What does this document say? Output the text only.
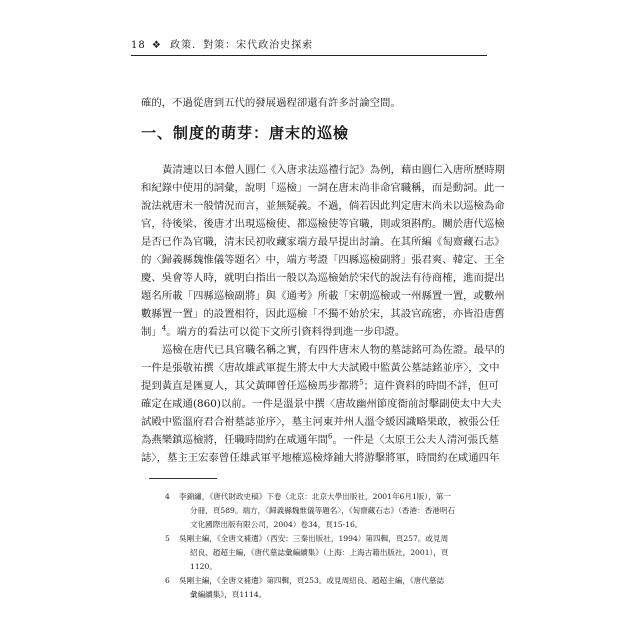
18 ❖ 政策．對策：宋代政治史探索
確的，不過從唐到五代的發展過程卻還有許多討論空間。
一、制度的萌芽：唐末的巡檢
黃清連以日本僧人圓仁《入唐求法巡禮行記》為例，藉由圓仁入唐所歷時期
和紀錄中使用的詞彙，說明「巡檢」一詞在唐末尚非命官職稱，而是動詞。此一
說法就唐末一般情況而言，並無疑義。不過，倘若因此判定唐末尚未以巡檢為命
官，待後梁、後唐才出現巡檢使、都巡檢使等官職，則或須斟酌。關於唐代巡檢
是否已作為官職，清末民初收藏家端方最早提出討論。在其所編《匋齋藏石志》
的〈歸義縣魏惟儀等題名〉中，端方考證「四縣巡檢副將」張君爽、韓定、王全
慶、吳會等人時，就明白指出一般以為巡檢始於宋代的說法有待商榷，進而提出
題名所載「四縣巡檢副將」與《通考》所載「宋朝巡檢或一州縣置一置，或數州
數縣置一置」的設置相符，因此巡檢「不獨不始於宋，其設官疏密，亦皆沿唐舊
制」$^4$。端方的看法可以從下文所引資料得到進一步印證。
巡檢在唐代已具官職名稱之實，有四件唐末人物的墓誌銘可為佐證。最早的
一件是張敬祐撰〈唐故雄武軍捉生將太中大夫試殿中監黃公墓誌銘並序〉，文中
提到黃直是匯夏人，其父黃暉曾任巡檢馬步都將$^5$；這件資料的時間不詳，但可
確定在咸通(860)以前。一件是溫景中撰〈唐故幽州節度衙前討擊副使太中大夫
試殿中監溫府君合祔墓誌並序〉，墓主河東并州人溫令緩因識略果敢，被張公任
為燕樂鎮巡檢將，任職時間約在咸通年間$^6$。一件是〈太原王公夫人清河張氏墓
誌〉，墓主王宏泰曾任雄武軍平地榷巡檢烽鋪大將游擊將軍，時間約在咸通四年
4 李錦繡，《唐代財政史稿》下卷（北京：北京大學出版社，2001年6月1版），第一
分冊，頁589。端方，〈歸義縣魏惟儀等題名〉，《匋齋藏石志》（香港：香港明石
文化國際出版有限公司，2004）卷34，頁15-16。
5 吳剛主編，《全唐文補遺》（西安：三秦出版社，1994）第四輯，頁257。或見周
紹良、趙超主編，《唐代墓誌彙編續集》（上海：上海古籍出版社，2001），頁
1120。
6 吳剛主編，《全唐文補遺》第四輯，頁253。或見周紹良、趙超主編，《唐代墓誌
彙編續集》，頁1114。
